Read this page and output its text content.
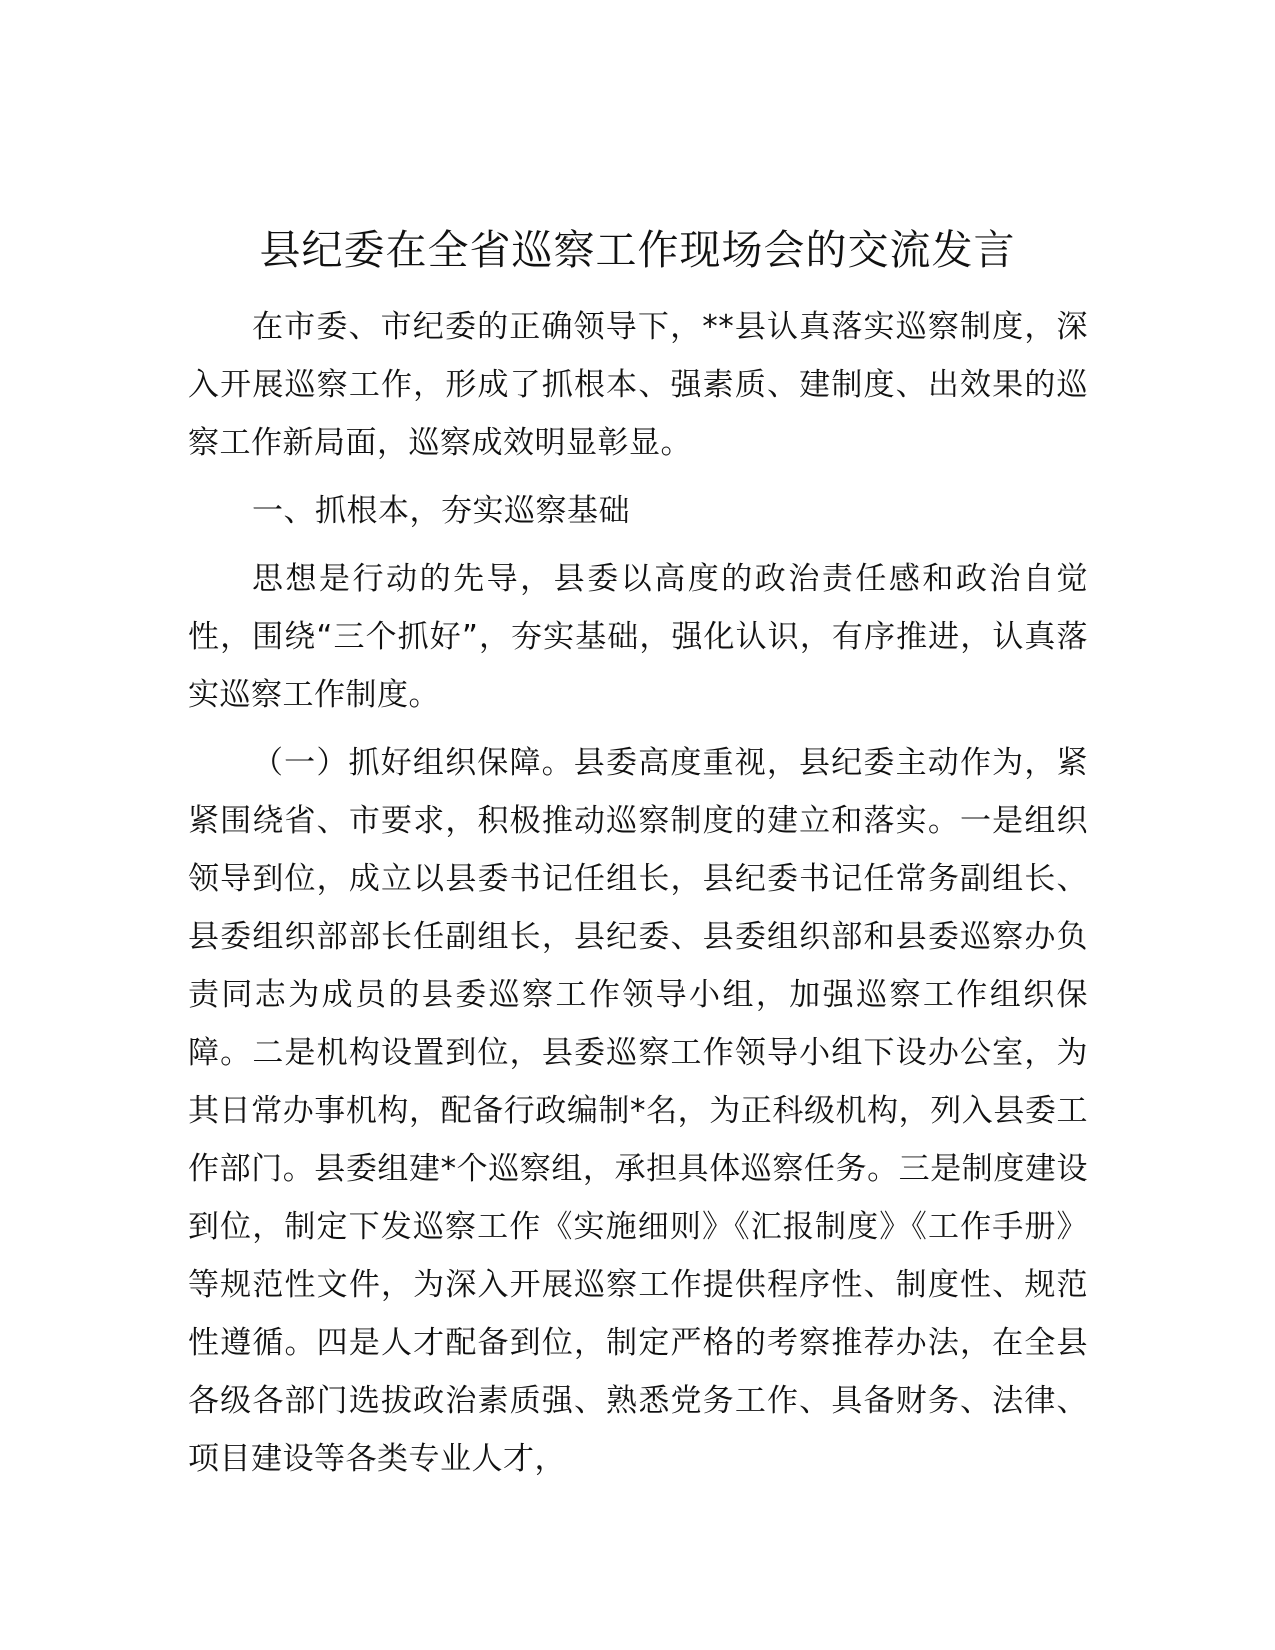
县纪委在全省巡察工作现场会的交流发言

在市委、市纪委的正确领导下，**县认真落实巡察制度，深入开展巡察工作，形成了抓根本、强素质、建制度、出效果的巡察工作新局面，巡察成效明显彰显。

一、抓根本，夯实巡察基础

思想是行动的先导，县委以高度的政治责任感和政治自觉性，围绕“三个抓好”，夯实基础，强化认识，有序推进，认真落实巡察工作制度。

（一）抓好组织保障。县委高度重视，县纪委主动作为，紧紧围绕省、市要求，积极推动巡察制度的建立和落实。一是组织领导到位，成立以县委书记任组长，县纪委书记任常务副组长、县委组织部部长任副组长，县纪委、县委组织部和县委巡察办负责同志为成员的县委巡察工作领导小组，加强巡察工作组织保障。二是机构设置到位，县委巡察工作领导小组下设办公室，为其日常办事机构，配备行政编制*名，为正科级机构，列入县委工作部门。县委组建*个巡察组，承担具体巡察任务。三是制度建设到位，制定下发巡察工作《实施细则》《汇报制度》《工作手册》等规范性文件，为深入开展巡察工作提供程序性、制度性、规范性遵循。四是人才配备到位，制定严格的考察推荐办法，在全县各级各部门选拔政治素质强、熟悉党务工作、具备财务、法律、项目建设等各类专业人才，
